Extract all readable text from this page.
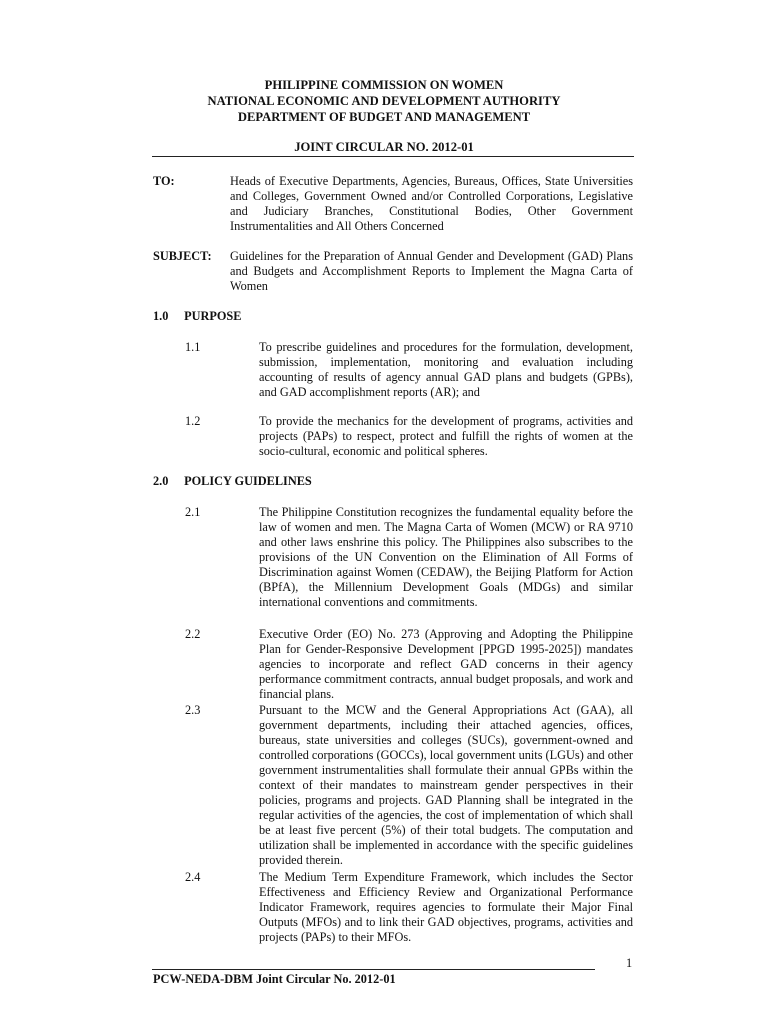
PHILIPPINE COMMISSION ON WOMEN
NATIONAL ECONOMIC AND DEVELOPMENT AUTHORITY
DEPARTMENT OF BUDGET AND MANAGEMENT
JOINT CIRCULAR NO. 2012-01
TO:	Heads of Executive Departments, Agencies, Bureaus, Offices, State Universities and Colleges, Government Owned and/or Controlled Corporations, Legislative and Judiciary Branches, Constitutional Bodies, Other Government Instrumentalities and All Others Concerned
SUBJECT: Guidelines for the Preparation of Annual Gender and Development (GAD) Plans and Budgets and Accomplishment Reports to Implement the Magna Carta of Women
1.0 PURPOSE
1.1	To prescribe guidelines and procedures for the formulation, development, submission, implementation, monitoring and evaluation including accounting of results of agency annual GAD plans and budgets (GPBs), and GAD accomplishment reports (AR); and
1.2	To provide the mechanics for the development of programs, activities and projects (PAPs) to respect, protect and fulfill the rights of women at the socio-cultural, economic and political spheres.
2.0 POLICY GUIDELINES
2.1	The Philippine Constitution recognizes the fundamental equality before the law of women and men. The Magna Carta of Women (MCW) or RA 9710 and other laws enshrine this policy. The Philippines also subscribes to the provisions of the UN Convention on the Elimination of All Forms of Discrimination against Women (CEDAW), the Beijing Platform for Action (BPfA), the Millennium Development Goals (MDGs) and similar international conventions and commitments.
2.2	Executive Order (EO) No. 273 (Approving and Adopting the Philippine Plan for Gender-Responsive Development [PPGD 1995-2025]) mandates agencies to incorporate and reflect GAD concerns in their agency performance commitment contracts, annual budget proposals, and work and financial plans.
2.3	Pursuant to the MCW and the General Appropriations Act (GAA), all government departments, including their attached agencies, offices, bureaus, state universities and colleges (SUCs), government-owned and controlled corporations (GOCCs), local government units (LGUs) and other government instrumentalities shall formulate their annual GPBs within the context of their mandates to mainstream gender perspectives in their policies, programs and projects. GAD Planning shall be integrated in the regular activities of the agencies, the cost of implementation of which shall be at least five percent (5%) of their total budgets. The computation and utilization shall be implemented in accordance with the specific guidelines provided therein.
2.4	The Medium Term Expenditure Framework, which includes the Sector Effectiveness and Efficiency Review and Organizational Performance Indicator Framework, requires agencies to formulate their Major Final Outputs (MFOs) and to link their GAD objectives, programs, activities and projects (PAPs) to their MFOs.
1
PCW-NEDA-DBM Joint Circular No. 2012-01
